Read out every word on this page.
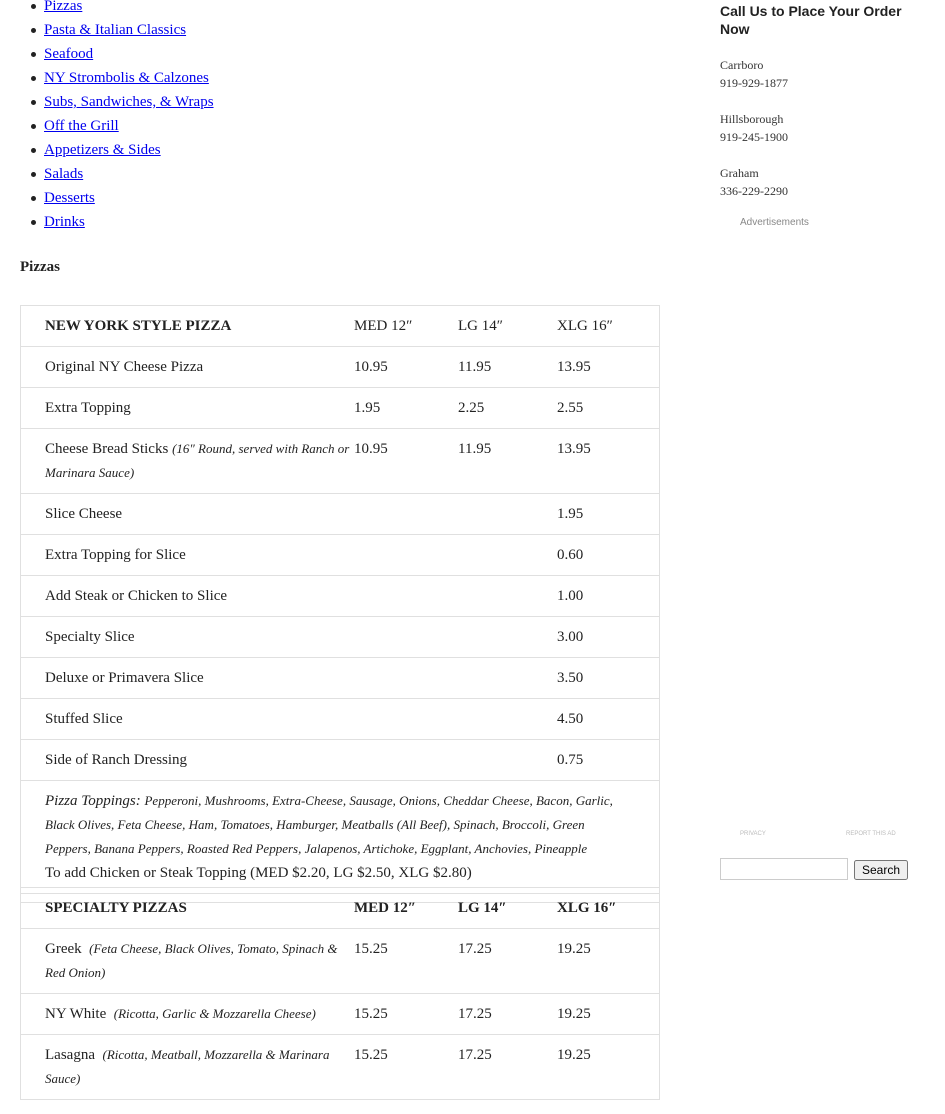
Pizzas
Pasta & Italian Classics
Seafood
NY Strombolis & Calzones
Subs, Sandwiches, & Wraps
Off the Grill
Appetizers & Sides
Salads
Desserts
Drinks
Pizzas
NEW YORK STYLE PIZZA	MED 12″	LG 14″	XLG 16″
Original NY Cheese Pizza	10.95	11.95	13.95
Extra Topping	1.95	2.25	2.55
Cheese Bread Sticks (16″ Round, served with Ranch or Marinara Sauce)	10.95	11.95	13.95
Slice Cheese			1.95
Extra Topping for Slice			0.60
Add Steak or Chicken to Slice			1.00
Specialty Slice			3.00
Deluxe or Primavera Slice			3.50
Stuffed Slice			4.50
Side of Ranch Dressing			0.75
Pizza Toppings: Pepperoni, Mushrooms, Extra-Cheese, Sausage, Onions, Cheddar Cheese, Bacon, Garlic, Black Olives, Feta Cheese, Ham, Tomatoes, Hamburger, Meatballs (All Beef), Spinach, Broccoli, Green Peppers, Banana Peppers, Roasted Red Peppers, Jalapenos, Artichoke, Eggplant, Anchovies, Pineapple
To add Chicken or Steak Topping (MED $2.20, LG $2.50, XLG $2.80)			

SPECIALTY PIZZAS	MED 12″	LG 14″	XLG 16″
Greek (Feta Cheese, Black Olives, Tomato, Spinach & Red Onion)	15.25	17.25	19.25
NY White (Ricotta, Garlic & Mozzarella Cheese)	15.25	17.25	19.25
Lasagna (Ricotta, Meatball, Mozzarella & Marinara Sauce)	15.25	17.25	19.25
Call Us to Place Your Order Now
Carrboro
919-929-1877
Hillsborough
919-245-1900
Graham
336-229-2290
Advertisements
PRIVACY	REPORT THIS AD
Search
